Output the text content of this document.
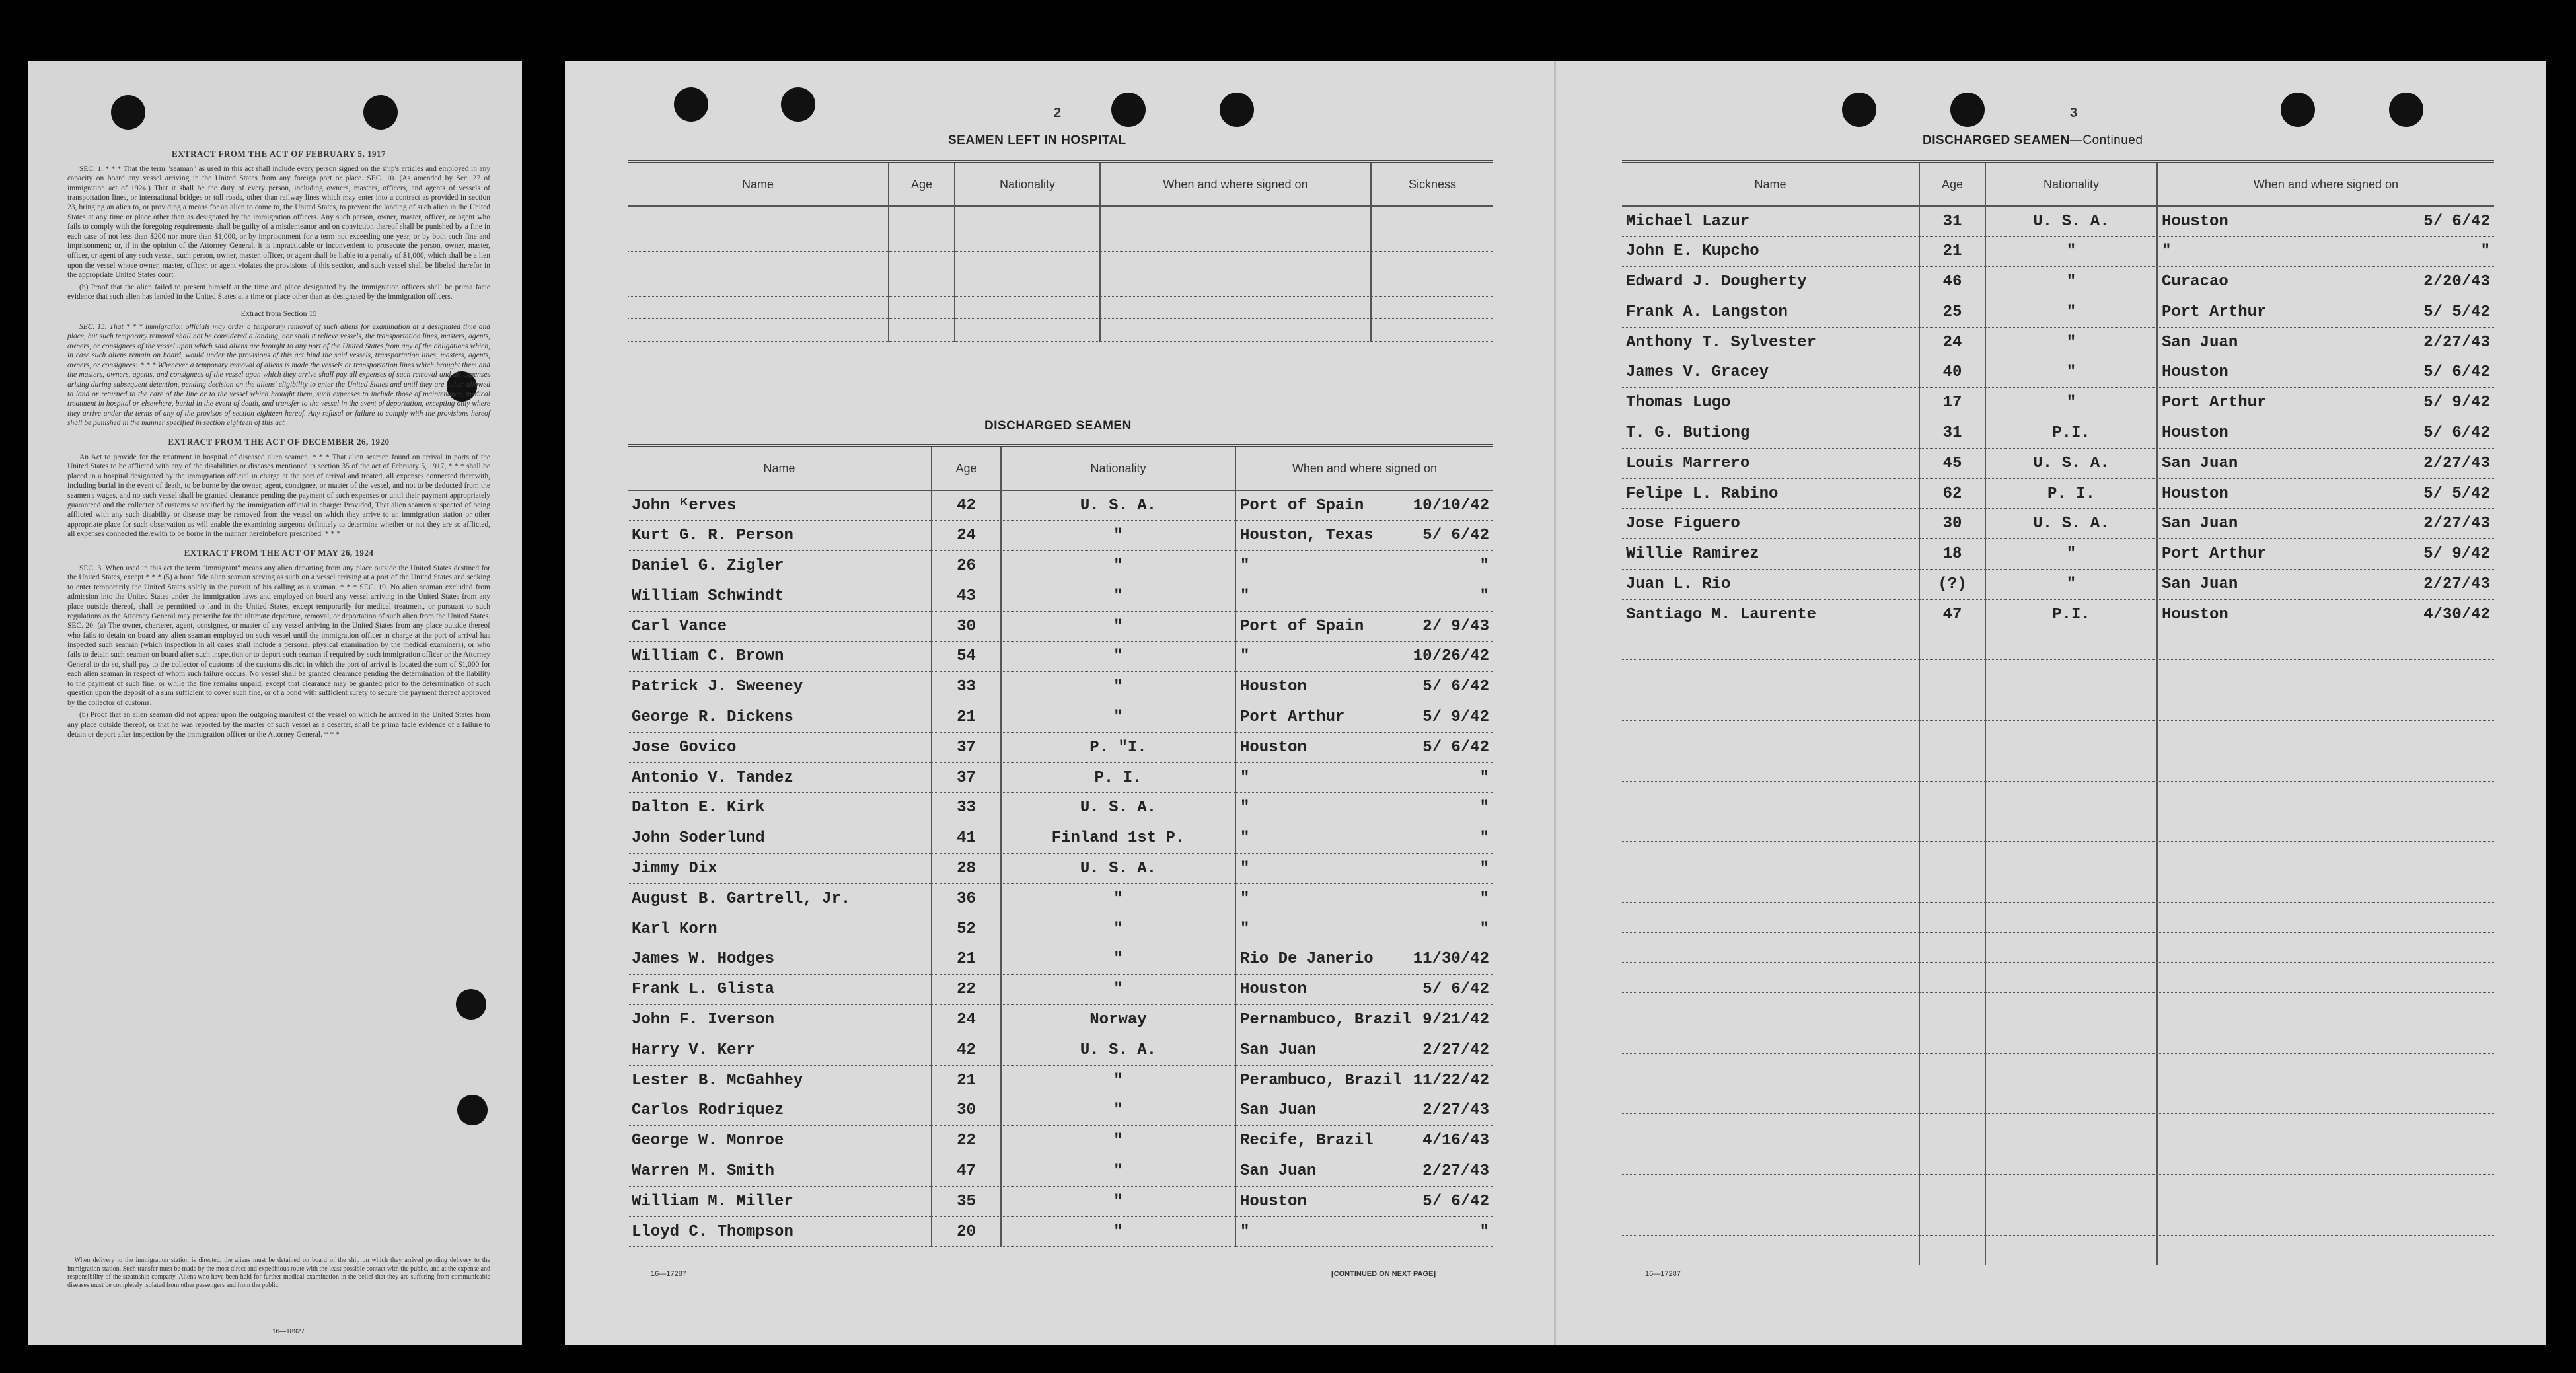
EXTRACT FROM THE ACT OF FEBRUARY 5, 1917

SEC. 1. * * * That the term "seaman" as used in this act shall include every person signed on the ship's articles and employed in any capacity on board any vessel arriving in the United States from any foreign port or place. SEC. 10. (As amended by Sec. 27 of immigration act of 1924.) That it shall be the duty of every person, including owners, masters, officers, and agents of vessels of transportation lines, or international bridges or toll roads, other than railway lines which may enter into a contract as provided in section 23, bringing an alien to, or providing a means for an alien to come to, the United States, to prevent the landing of such alien in the United States at any time or place other than as designated by the immigration officers. Any such person, owner, master, officer, or agent who fails to comply with the foregoing requirements shall be guilty of a misdemeanor and on conviction thereof shall be punished by a fine in each case of not less than $200 nor more than $1,000, or by imprisonment for a term not exceeding one year, or by both such fine and imprisonment; or, if in the opinion of the Attorney General, it is impracticable or inconvenient to prosecute the person, owner, master, officer, or agent of any such vessel, such person, owner, master, officer, or agent shall be liable to a penalty of $1,000, which shall be a lien upon the vessel whose owner, master, officer, or agent violates the provisions of this section, and such vessel shall be libeled therefor in the appropriate United States court.

(b) Proof that the alien failed to present himself at the time and place designated by the immigration officers shall be prima facie evidence that such alien has landed in the United States at a time or place other than as designated by the immigration officers.

Extract from Section 15

SEC. 15. That * * * immigration officials may order a temporary removal of such aliens for examination at a designated time and place, but such temporary removal shall not be considered a landing, nor shall it relieve vessels, the transportation lines, masters, agents, owners, or consignees of the vessel upon which said aliens are brought to any port of the United States from any of the obligations which, in case such aliens remain on board, would under the provisions of this act bind the said vessels, transportation lines, masters, agents, owners, or consignees: * * * Whenever a temporary removal of aliens is made the vessels or transportation lines which brought them and the masters, owners, agents, and consignees of the vessel upon which they arrive shall pay all expenses of such removal and all expenses arising during subsequent detention, pending decision on the aliens' eligibility to enter the United States and until they are either allowed to land or returned to the care of the line or to the vessel which brought them, such expenses to include those of maintenance, medical treatment in hospital or elsewhere, burial in the event of death, and transfer to the vessel in the event of deportation, excepting only where they arrive under the terms of any of the provisos of section eighteen hereof. Any refusal or failure to comply with the provisions hereof shall be punished in the manner specified in section eighteen of this act.

EXTRACT FROM THE ACT OF DECEMBER 26, 1920

An Act to provide for the treatment in hospital of diseased alien seamen. * * * That alien seamen found on arrival in ports of the United States to be afflicted with any of the disabilities or diseases mentioned in section 35 of the act of February 5, 1917, * * * shall be placed in a hospital designated by the immigration official in charge at the port of arrival and treated, all expenses connected therewith, including burial in the event of death, to be borne by the owner, agent, consignee, or master of the vessel, and not to be deducted from the seamen's wages, and no such vessel shall be granted clearance pending the payment of such expenses or until their payment appropriately guaranteed and the collector of customs so notified by the immigration official in charge: Provided, That alien seamen suspected of being afflicted with any such disability or disease may be removed from the vessel on which they arrive to an immigration station or other appropriate place for such observation as will enable the examining surgeons definitely to determine whether or not they are so afflicted, all expenses connected therewith to be borne in the manner hereinbefore prescribed. * * *

EXTRACT FROM THE ACT OF MAY 26, 1924

SEC. 3. When used in this act the term "immigrant" means any alien departing from any place outside the United States destined for the United States, except * * * (5) a bona fide alien seaman serving as such on a vessel arriving at a port of the United States and seeking to enter temporarily the United States solely in the pursuit of his calling as a seaman. * * * SEC. 19. No alien seaman excluded from admission into the United States under the immigration laws and employed on board any vessel arriving in the United States from any place outside thereof, shall be permitted to land in the United States, except temporarily for medical treatment, or pursuant to such regulations as the Attorney General may prescribe for the ultimate departure, removal, or deportation of such alien from the United States. SEC. 20. (a) The owner, charterer, agent, consignee, or master of any vessel arriving in the United States from any place outside thereof who fails to detain on board any alien seaman employed on such vessel until the immigration officer in charge at the port of arrival has inspected such seaman (which inspection in all cases shall include a personal physical examination by the medical examiners), or who fails to detain such seaman on board after such inspection or to deport such seaman if required by such immigration officer or the Attorney General to do so, shall pay to the collector of customs of the customs district in which the port of arrival is located the sum of $1,000 for each alien seaman in respect of whom such failure occurs. No vessel shall be granted clearance pending the determination of the liability to the payment of such fine, or while the fine remains unpaid, except that clearance may be granted prior to the determination of such question upon the deposit of a sum sufficient to cover such fine, or of a bond with sufficient surety to secure the payment thereof approved by the collector of customs.

(b) Proof that an alien seaman did not appear upon the outgoing manifest of the vessel on which he arrived in the United States from any place outside thereof, or that he was reported by the master of such vessel as a deserter, shall be prima facie evidence of a failure to detain or deport after inspection by the immigration officer or the Attorney General. * * *

† When delivery to the immigration station is directed, the aliens must be detained on board of the ship on which they arrived pending delivery to the immigration station. Such transfer must be made by the most direct and expeditious route with the least possible contact with the public, and at the expense and responsibility of the steamship company. Aliens who have been held for further medical examination in the belief that they are suffering from communicable diseases must be completely isolated from other passengers and from the public.
16—18927
2
SEAMEN LEFT IN HOSPITAL
Name	Age	Nationality	When and where signed on	Sickness

DISCHARGED SEAMEN
Name	Age	Nationality	When and where signed on
John ᴷerves	42	U. S. A.	Port of Spain 10/10/42

Kurt G. R. Person	24	"	Houston, Texas 5/ 6/42

Daniel G. Zigler	26	"	" "

William Schwindt	43	"	" "

Carl Vance	30	"	Port of Spain 2/ 9/43

William C. Brown	54	"	" 10/26/42

Patrick J. Sweeney	33	"	Houston 5/ 6/42

George R. Dickens	21	"	Port Arthur 5/ 9/42

Jose Govico	37	P. "I.	Houston 5/ 6/42

Antonio V. Tandez	37	P. I.	" "

Dalton E. Kirk	33	U. S. A.	" "

John Soderlund	41	Finland 1st P.	" "

Jimmy Dix	28	U. S. A.	" "

August B. Gartrell, Jr.	36	"	" "

Karl Korn	52	"	" "

James W. Hodges	21	"	Rio De Janerio 11/30/42

Frank L. Glista	22	"	Houston 5/ 6/42

John F. Iverson	24	Norway	Pernambuco, Brazil 9/21/42

Harry V. Kerr	42	U. S. A.	San Juan 2/27/42

Lester B. McGahhey	21	"	Perambuco, Brazil 11/22/42

Carlos Rodriquez	30	"	San Juan 2/27/43

George W. Monroe	22	"	Recife, Brazil 4/16/43

Warren M. Smith	47	"	San Juan 2/27/43

William M. Miller	35	"	Houston 5/ 6/42

Lloyd C. Thompson	20	"	" "
16—17287	[CONTINUED ON NEXT PAGE]
3
DISCHARGED SEAMEN—Continued
Name	Age	Nationality	When and where signed on
Michael Lazur	31	U. S. A.	Houston 5/ 6/42

John E. Kupcho	21	"	" "

Edward J. Dougherty	46	"	Curacao 2/20/43

Frank A. Langston	25	"	Port Arthur 5/ 5/42

Anthony T. Sylvester	24	"	San Juan 2/27/43

James V. Gracey	40	"	Houston 5/ 6/42

Thomas Lugo	17	"	Port Arthur 5/ 9/42

T. G. Butiong	31	P.I.	Houston 5/ 6/42

Louis Marrero	45	U. S. A.	San Juan 2/27/43

Felipe L. Rabino	62	P. I.	Houston 5/ 5/42

Jose Figuero	30	U. S. A.	San Juan 2/27/43

Willie Ramirez	18	"	Port Arthur 5/ 9/42

Juan L. Rio	(?)	"	San Juan 2/27/43

Santiago M. Laurente	47	P.I.	Houston 4/30/42

16—17287
